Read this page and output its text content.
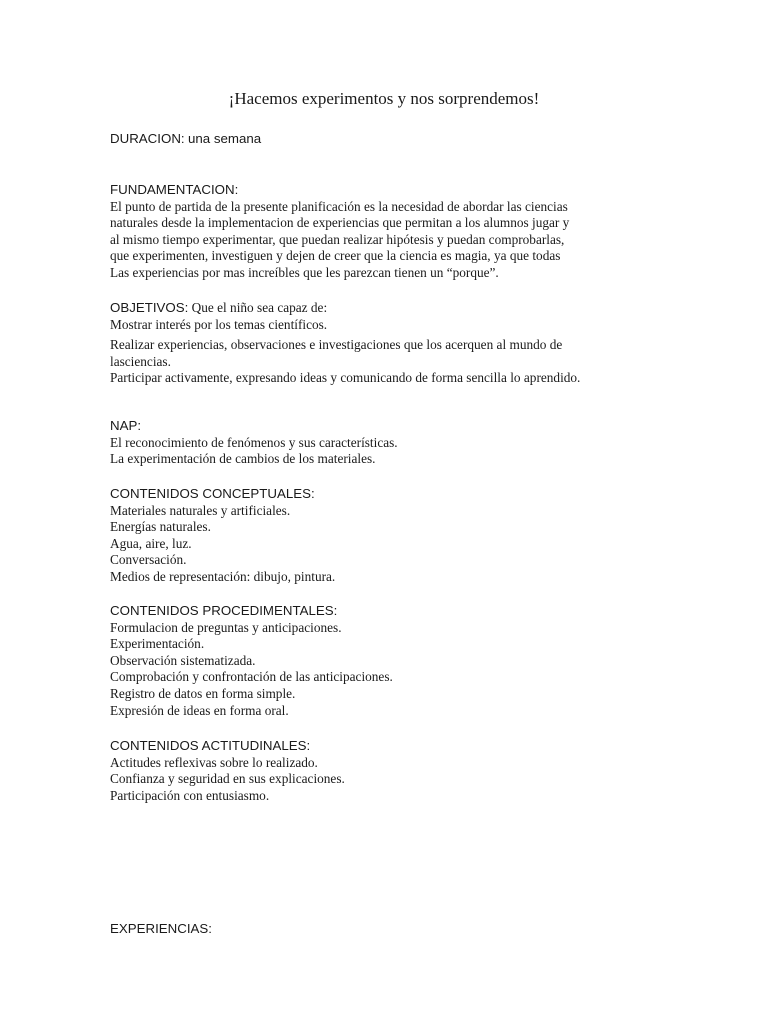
¡Hacemos experimentos y nos sorprendemos!

DURACION: una semana

FUNDAMENTACION:

El punto de partida de la presente planificación es la necesidad de abordar las ciencias

naturales desde la implementacion de experiencias que permitan a los alumnos jugar y

al mismo tiempo experimentar, que puedan realizar hipótesis y puedan comprobarlas,

que experimenten, investiguen y dejen de creer que la ciencia es magia, ya que todas

Las experiencias por mas increíbles que les parezcan tienen un “porque”.

OBJETIVOS: Que el niño sea capaz de:

Mostrar interés por los temas científicos.

Realizar experiencias, observaciones e investigaciones que los acerquen al mundo de

lasciencias.

Participar activamente, expresando ideas y comunicando de forma sencilla lo aprendido.

NAP:

El reconocimiento de fenómenos y sus características.

La experimentación de cambios de los materiales.

CONTENIDOS CONCEPTUALES:

Materiales naturales y artificiales.

Energías naturales.

Agua, aire, luz.

Conversación.

Medios de representación: dibujo, pintura.

CONTENIDOS PROCEDIMENTALES:

Formulacion de preguntas y anticipaciones.

Experimentación.

Observación sistematizada.

Comprobación y confrontación de las anticipaciones.

Registro de datos en forma simple.

Expresión de ideas en forma oral.

CONTENIDOS ACTITUDINALES:

Actitudes reflexivas sobre lo realizado.

Confianza y seguridad en sus explicaciones.

Participación con entusiasmo.

EXPERIENCIAS:
